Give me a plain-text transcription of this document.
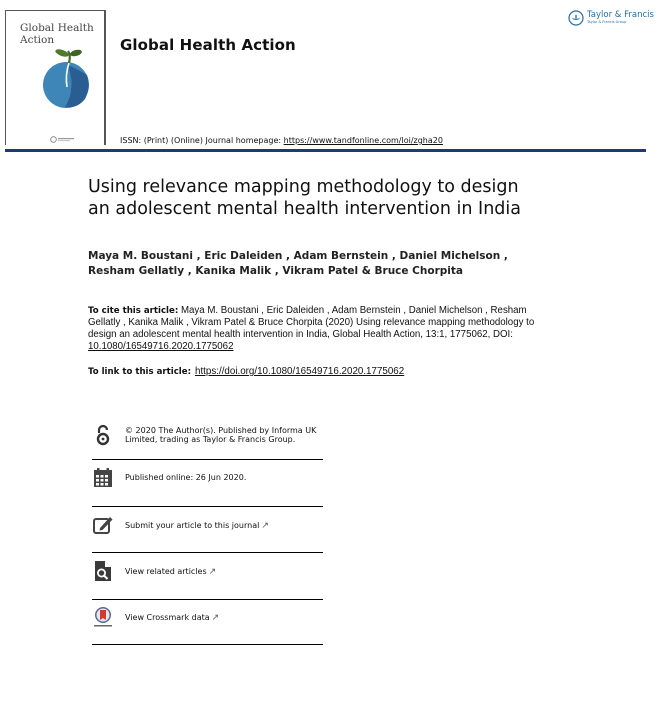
Global Health
Action	Global Health Action
Taylor & Francis
Taylor & Francis Group
ISSN: (Print) (Online) Journal homepage: https://www.tandfonline.com/loi/zgha20
Using relevance mapping methodology to design
an adolescent mental health intervention in India
Maya M. Boustani , Eric Daleiden , Adam Bernstein , Daniel Michelson ,
Resham Gellatly , Kanika Malik , Vikram Patel & Bruce Chorpita
To cite this article: Maya M. Boustani , Eric Daleiden , Adam Bernstein , Daniel Michelson , Resham Gellatly , Kanika Malik , Vikram Patel & Bruce Chorpita (2020) Using relevance mapping methodology to design an adolescent mental health intervention in India, Global Health Action, 13:1, 1775062, DOI: 10.1080/16549716.2020.1775062
To link to this article: https://doi.org/10.1080/16549716.2020.1775062
© 2020 The Author(s). Published by Informa UK Limited, trading as Taylor & Francis Group.
Published online: 26 Jun 2020.
Submit your article to this journal ↗
View related articles ↗
View Crossmark data ↗
